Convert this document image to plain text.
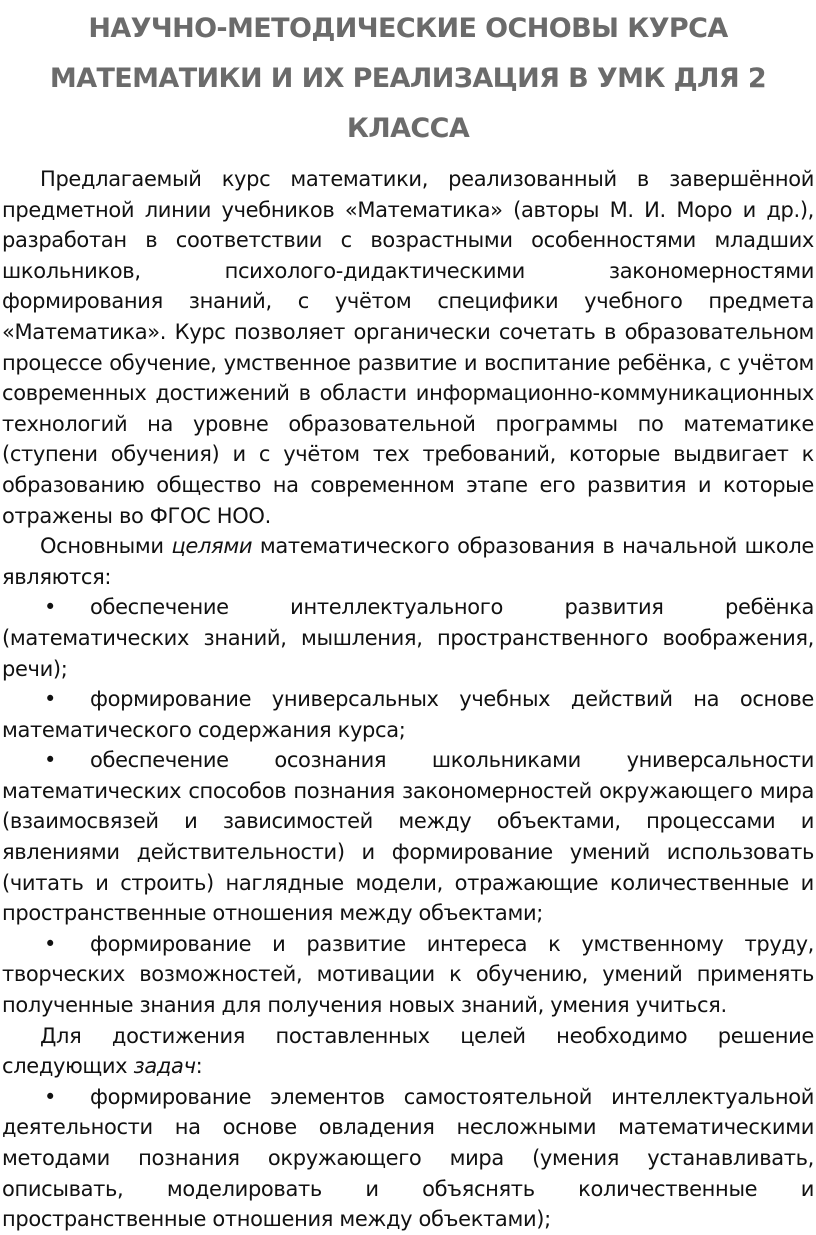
НАУЧНО-МЕТОДИЧЕСКИЕ ОСНОВЫ КУРСА МАТЕМАТИКИ И ИХ РЕАЛИЗАЦИЯ В УМК ДЛЯ 2 КЛАССА

Предлагаемый курс математики, реализованный в завершённой предметной линии учебников «Математика» (авторы М. И. Моро и др.), разработан в соответствии с возрастными особенностями младших школьников, психолого-дидактическими закономерностями формирования знаний, с учётом специфики учебного предмета «Математика». Курс позволяет органически сочетать в образовательном процессе обучение, умственное развитие и воспитание ребёнка, с учётом современных достижений в области информационно-коммуникационных технологий на уровне образовательной программы по математике (ступени обучения) и с учётом тех требований, которые выдвигает к образованию общество на современном этапе его развития и которые отражены во ФГОС НОО.

Основными целями математического образования в начальной школе являются:

• обеспечение интеллектуального развития ребёнка (математических знаний, мышления, пространственного воображения, речи);

• формирование универсальных учебных действий на основе математического содержания курса;

• обеспечение осознания школьниками универсальности математических способов познания закономерностей окружающего мира (взаимосвязей и зависимостей между объектами, процессами и явлениями действительности) и формирование умений использовать (читать и строить) наглядные модели, отражающие количественные и пространственные отношения между объектами;

• формирование и развитие интереса к умственному труду, творческих возможностей, мотивации к обучению, умений применять полученные знания для получения новых знаний, умения учиться.

Для достижения поставленных целей необходимо решение следующих задач:

• формирование элементов самостоятельной интеллектуальной деятельности на основе овладения несложными математическими методами познания окружающего мира (умения устанавливать, описывать, моделировать и объяснять количественные и пространственные отношения между объектами);
